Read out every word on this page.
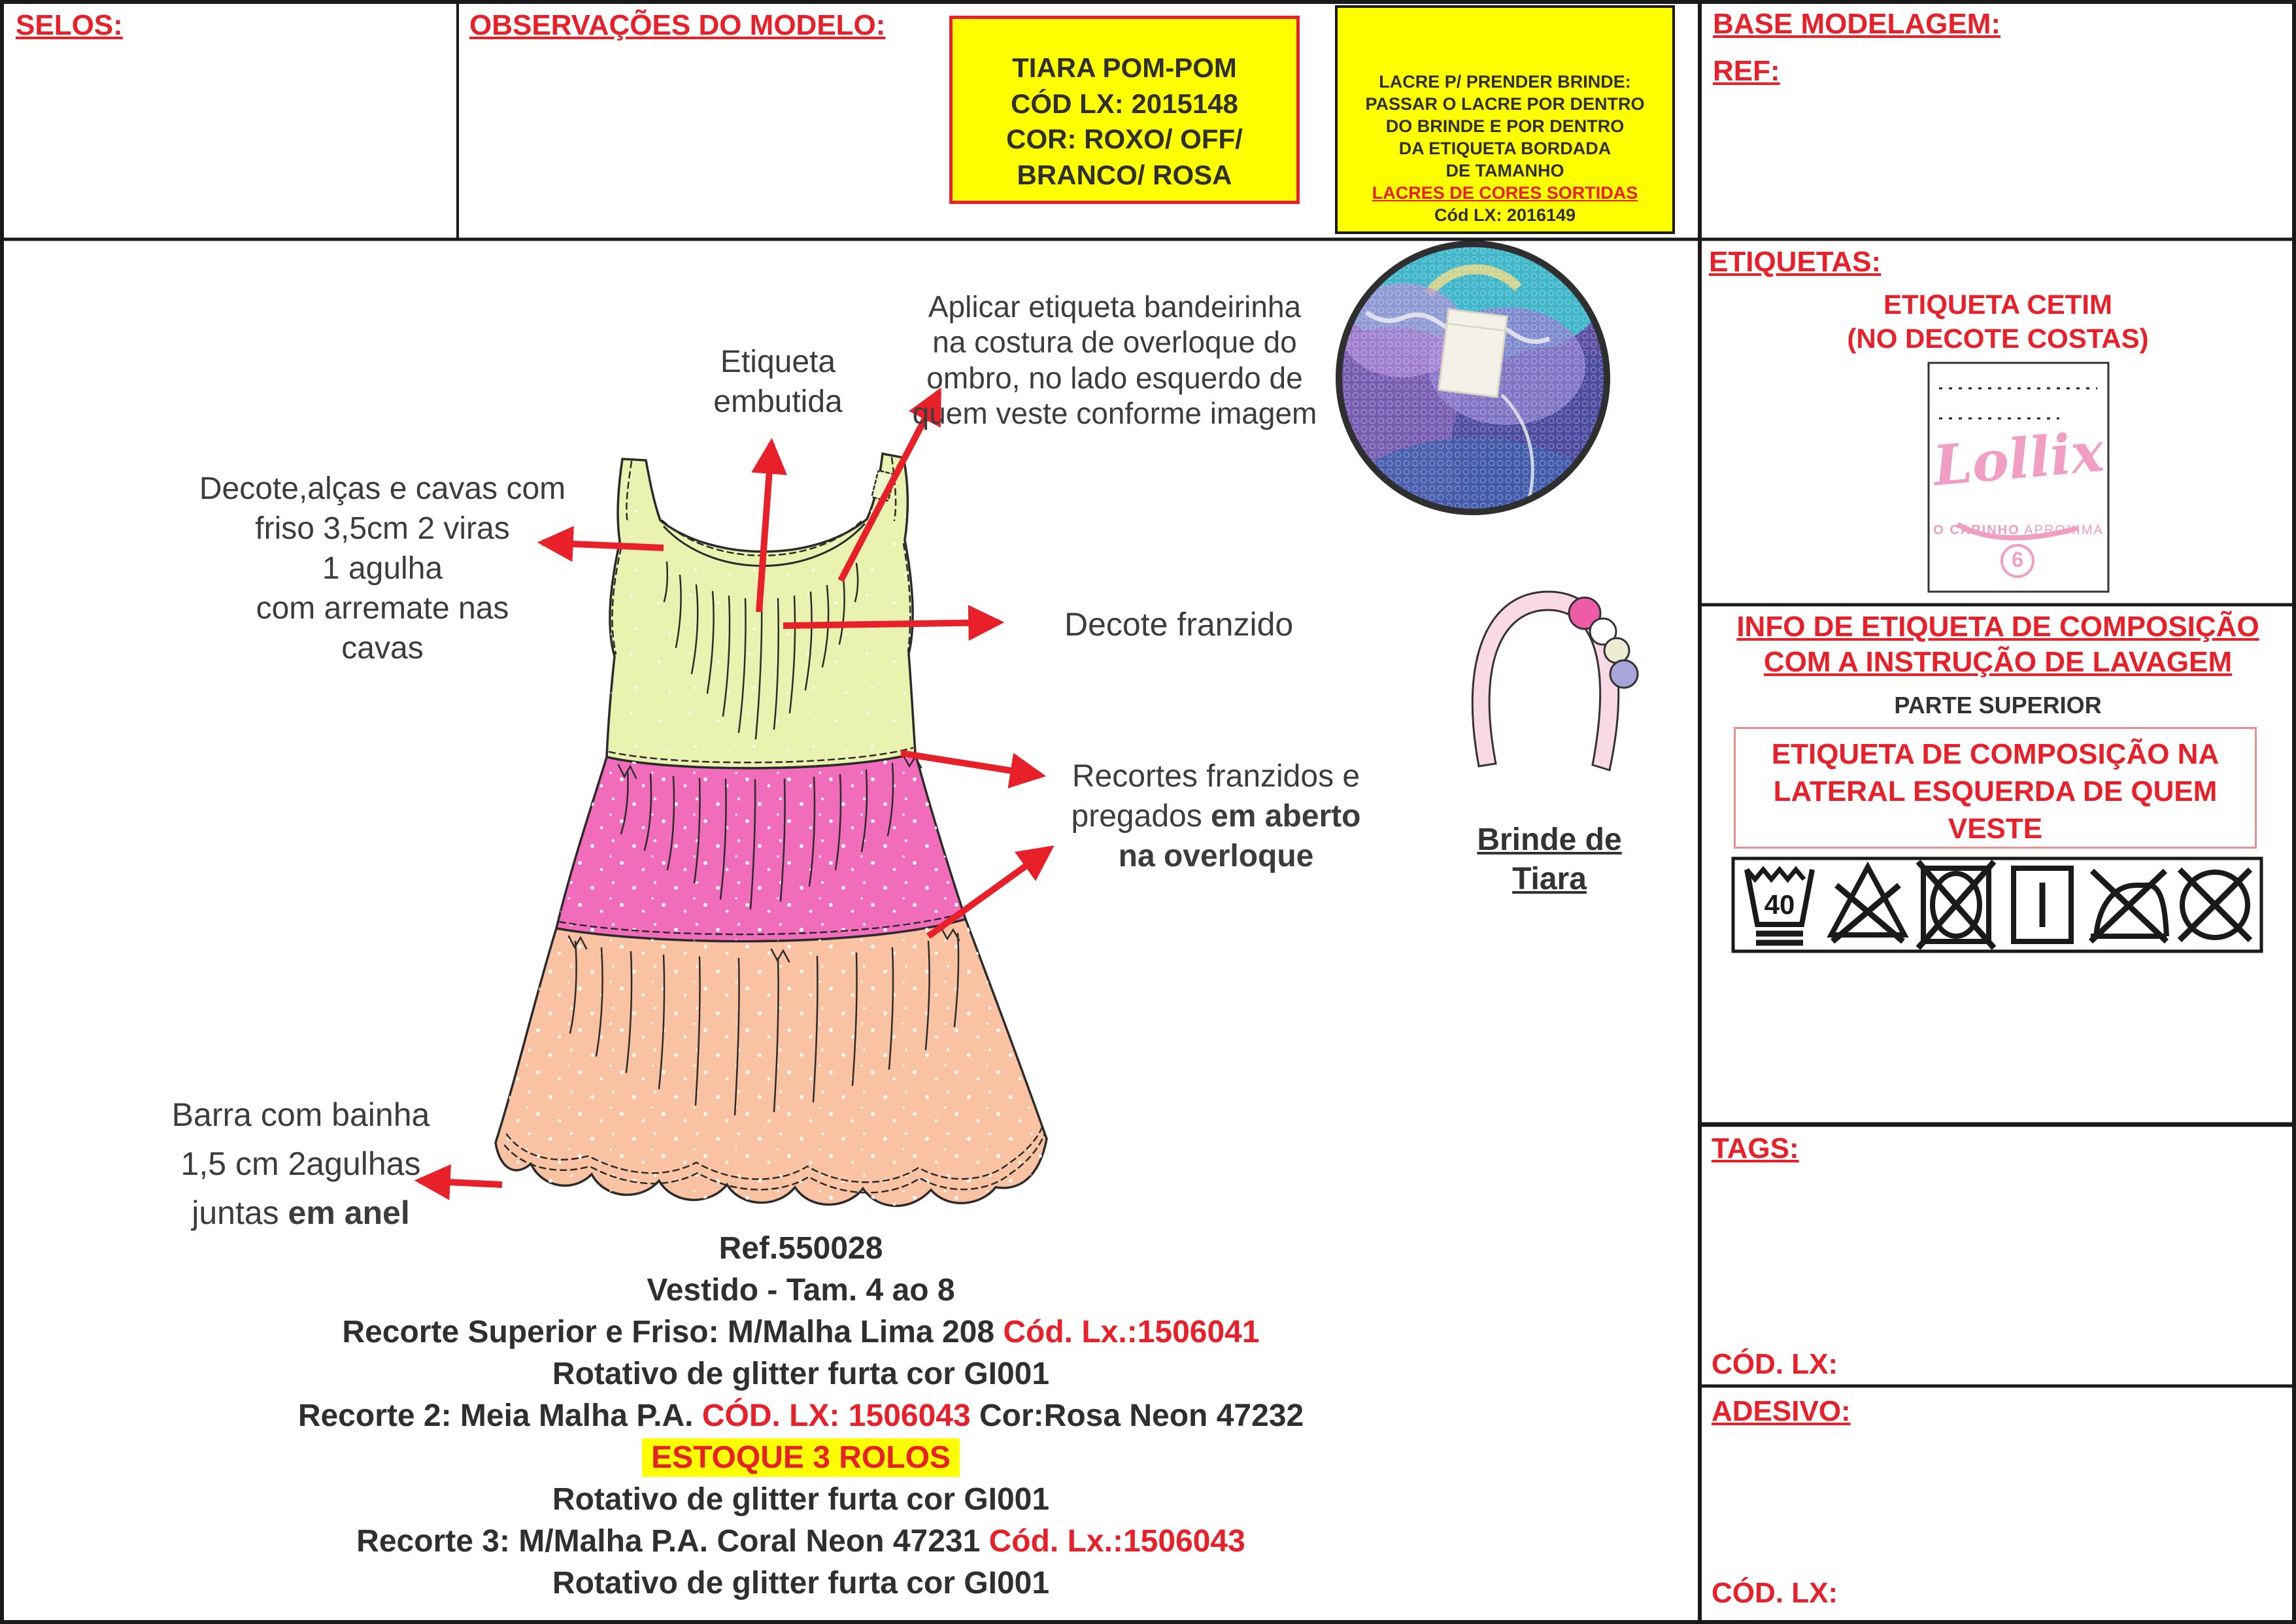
40
SELOS:	OBSERVAÇÕES DO MODELO:
TIARA POM-POM
CÓD LX: 2015148
COR: ROXO/ OFF/
BRANCO/ ROSA
LACRE P/ PRENDER BRINDE:
PASSAR O LACRE POR DENTRO
DO BRINDE E POR DENTRO
DA ETIQUETA BORDADA
DE TAMANHO
LACRES DE CORES SORTIDAS
Cód LX: 2016149
BASE MODELAGEM:
REF:
ETIQUETAS:
ETIQUETA CETIM
(NO DECOTE COSTAS)
Lollix
O CARINHO APROXIMA
6
INFO DE ETIQUETA DE COMPOSIÇÃO
COM A INSTRUÇÃO DE LAVAGEM
PARTE SUPERIOR
ETIQUETA DE COMPOSIÇÃO NA
LATERAL ESQUERDA DE QUEM
VESTE
TAGS:
CÓD. LX:
ADESIVO:
CÓD. LX:
Etiqueta
embutida
Aplicar etiqueta bandeirinha
na costura de overloque do
ombro, no lado esquerdo de
quem veste conforme imagem
Decote,alças e cavas com
friso 3,5cm 2 viras
1 agulha
com arremate nas
cavas
Decote franzido
Recortes franzidos e
pregados em aberto
na overloque
Barra com bainha
1,5 cm 2agulhas
juntas em anel
Brinde de
Tiara
Ref.550028
Vestido - Tam. 4 ao 8
Recorte Superior e Friso: M/Malha Lima 208 Cód. Lx.:1506041
Rotativo de glitter furta cor GI001
Recorte 2: Meia Malha P.A. CÓD. LX: 1506043 Cor:Rosa Neon 47232
ESTOQUE 3 ROLOS
Rotativo de glitter furta cor GI001
Recorte 3: M/Malha P.A. Coral Neon 47231 Cód. Lx.:1506043
Rotativo de glitter furta cor GI001
